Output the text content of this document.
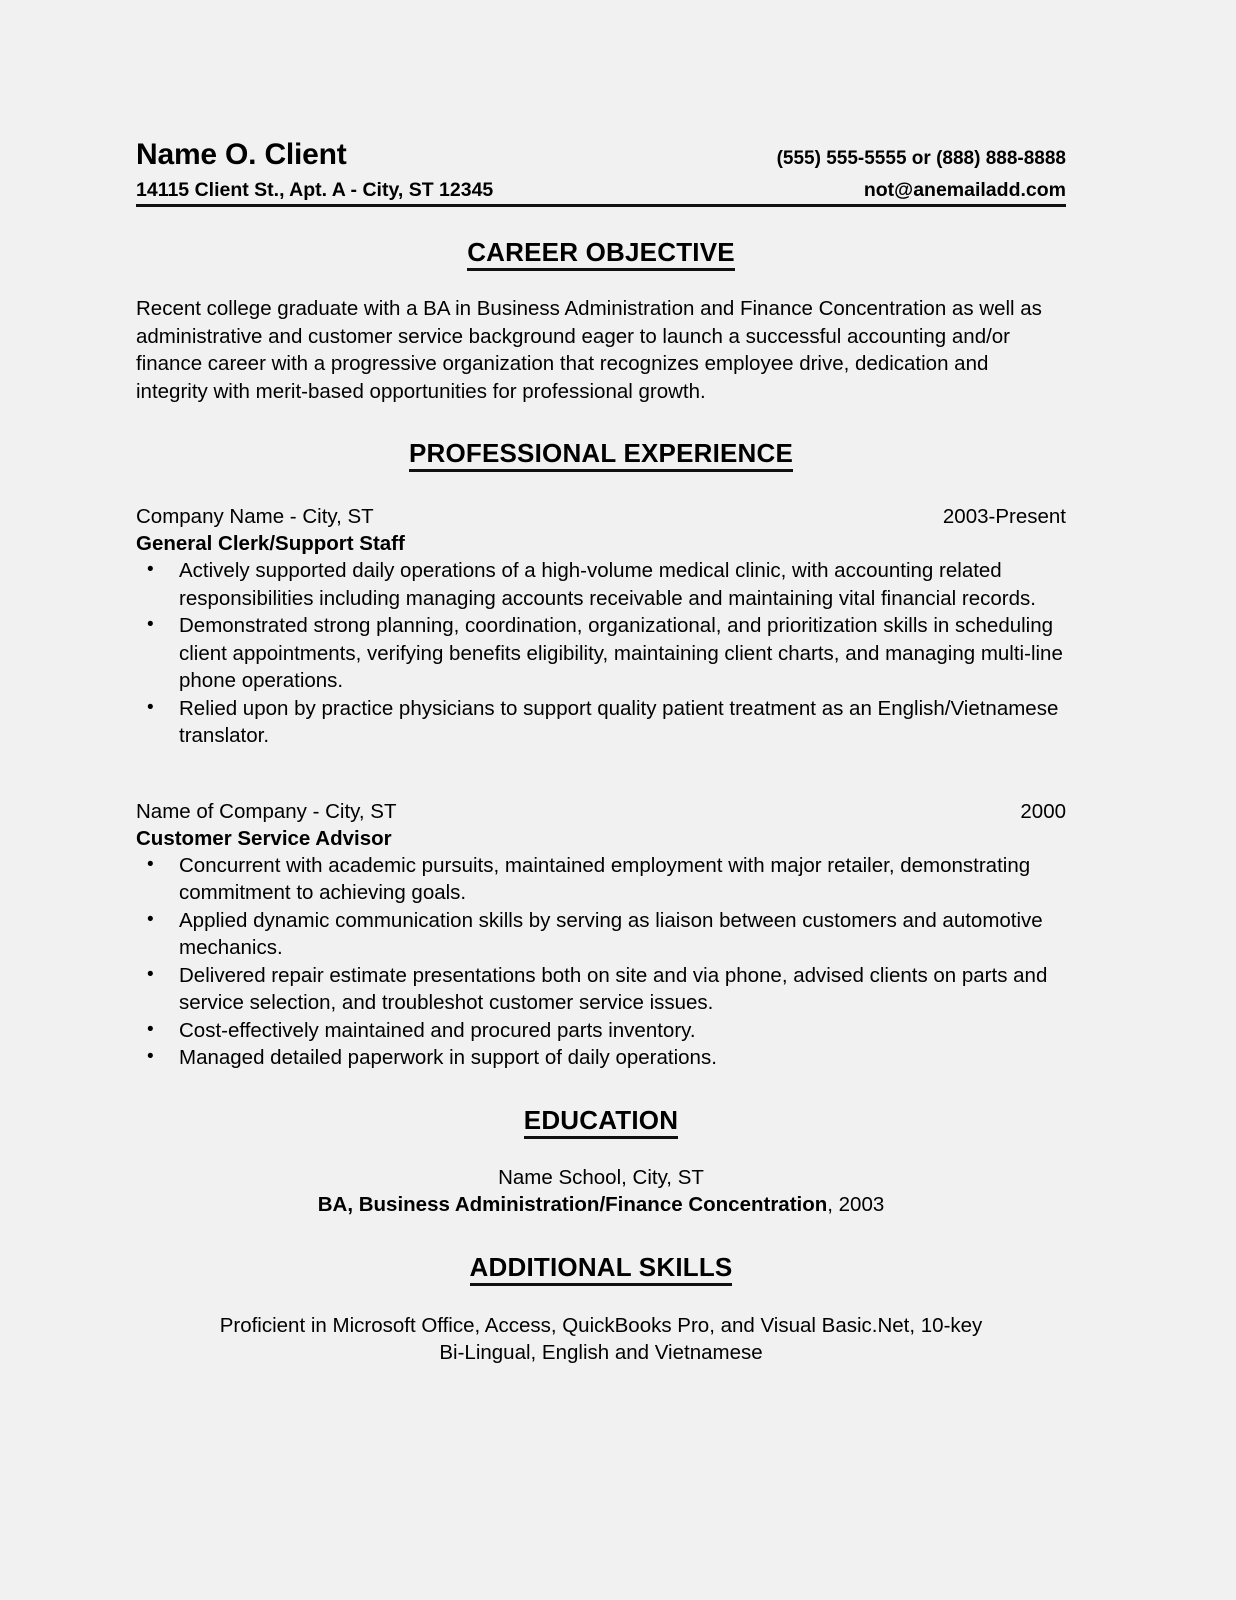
Name O. Client	(555) 555-5555 or (888) 888-8888
14115 Client St., Apt. A - City, ST 12345	not@anemailadd.com
CAREER OBJECTIVE
Recent college graduate with a BA in Business Administration and Finance Concentration as well as administrative and customer service background eager to launch a successful accounting and/or finance career with a progressive organization that recognizes employee drive, dedication and integrity with merit-based opportunities for professional growth.
PROFESSIONAL EXPERIENCE
Company Name - City, ST	2003-Present
General Clerk/Support Staff
• Actively supported daily operations of a high-volume medical clinic, with accounting related responsibilities including managing accounts receivable and maintaining vital financial records.
• Demonstrated strong planning, coordination, organizational, and prioritization skills in scheduling client appointments, verifying benefits eligibility, maintaining client charts, and managing multi-line phone operations.
• Relied upon by practice physicians to support quality patient treatment as an English/Vietnamese translator.
Name of Company - City, ST	2000
Customer Service Advisor
• Concurrent with academic pursuits, maintained employment with major retailer, demonstrating commitment to achieving goals.
• Applied dynamic communication skills by serving as liaison between customers and automotive mechanics.
• Delivered repair estimate presentations both on site and via phone, advised clients on parts and service selection, and troubleshot customer service issues.
• Cost-effectively maintained and procured parts inventory.
• Managed detailed paperwork in support of daily operations.
EDUCATION
Name School, City, ST
BA, Business Administration/Finance Concentration, 2003
ADDITIONAL SKILLS
Proficient in Microsoft Office, Access, QuickBooks Pro, and Visual Basic.Net, 10-key
Bi-Lingual, English and Vietnamese
